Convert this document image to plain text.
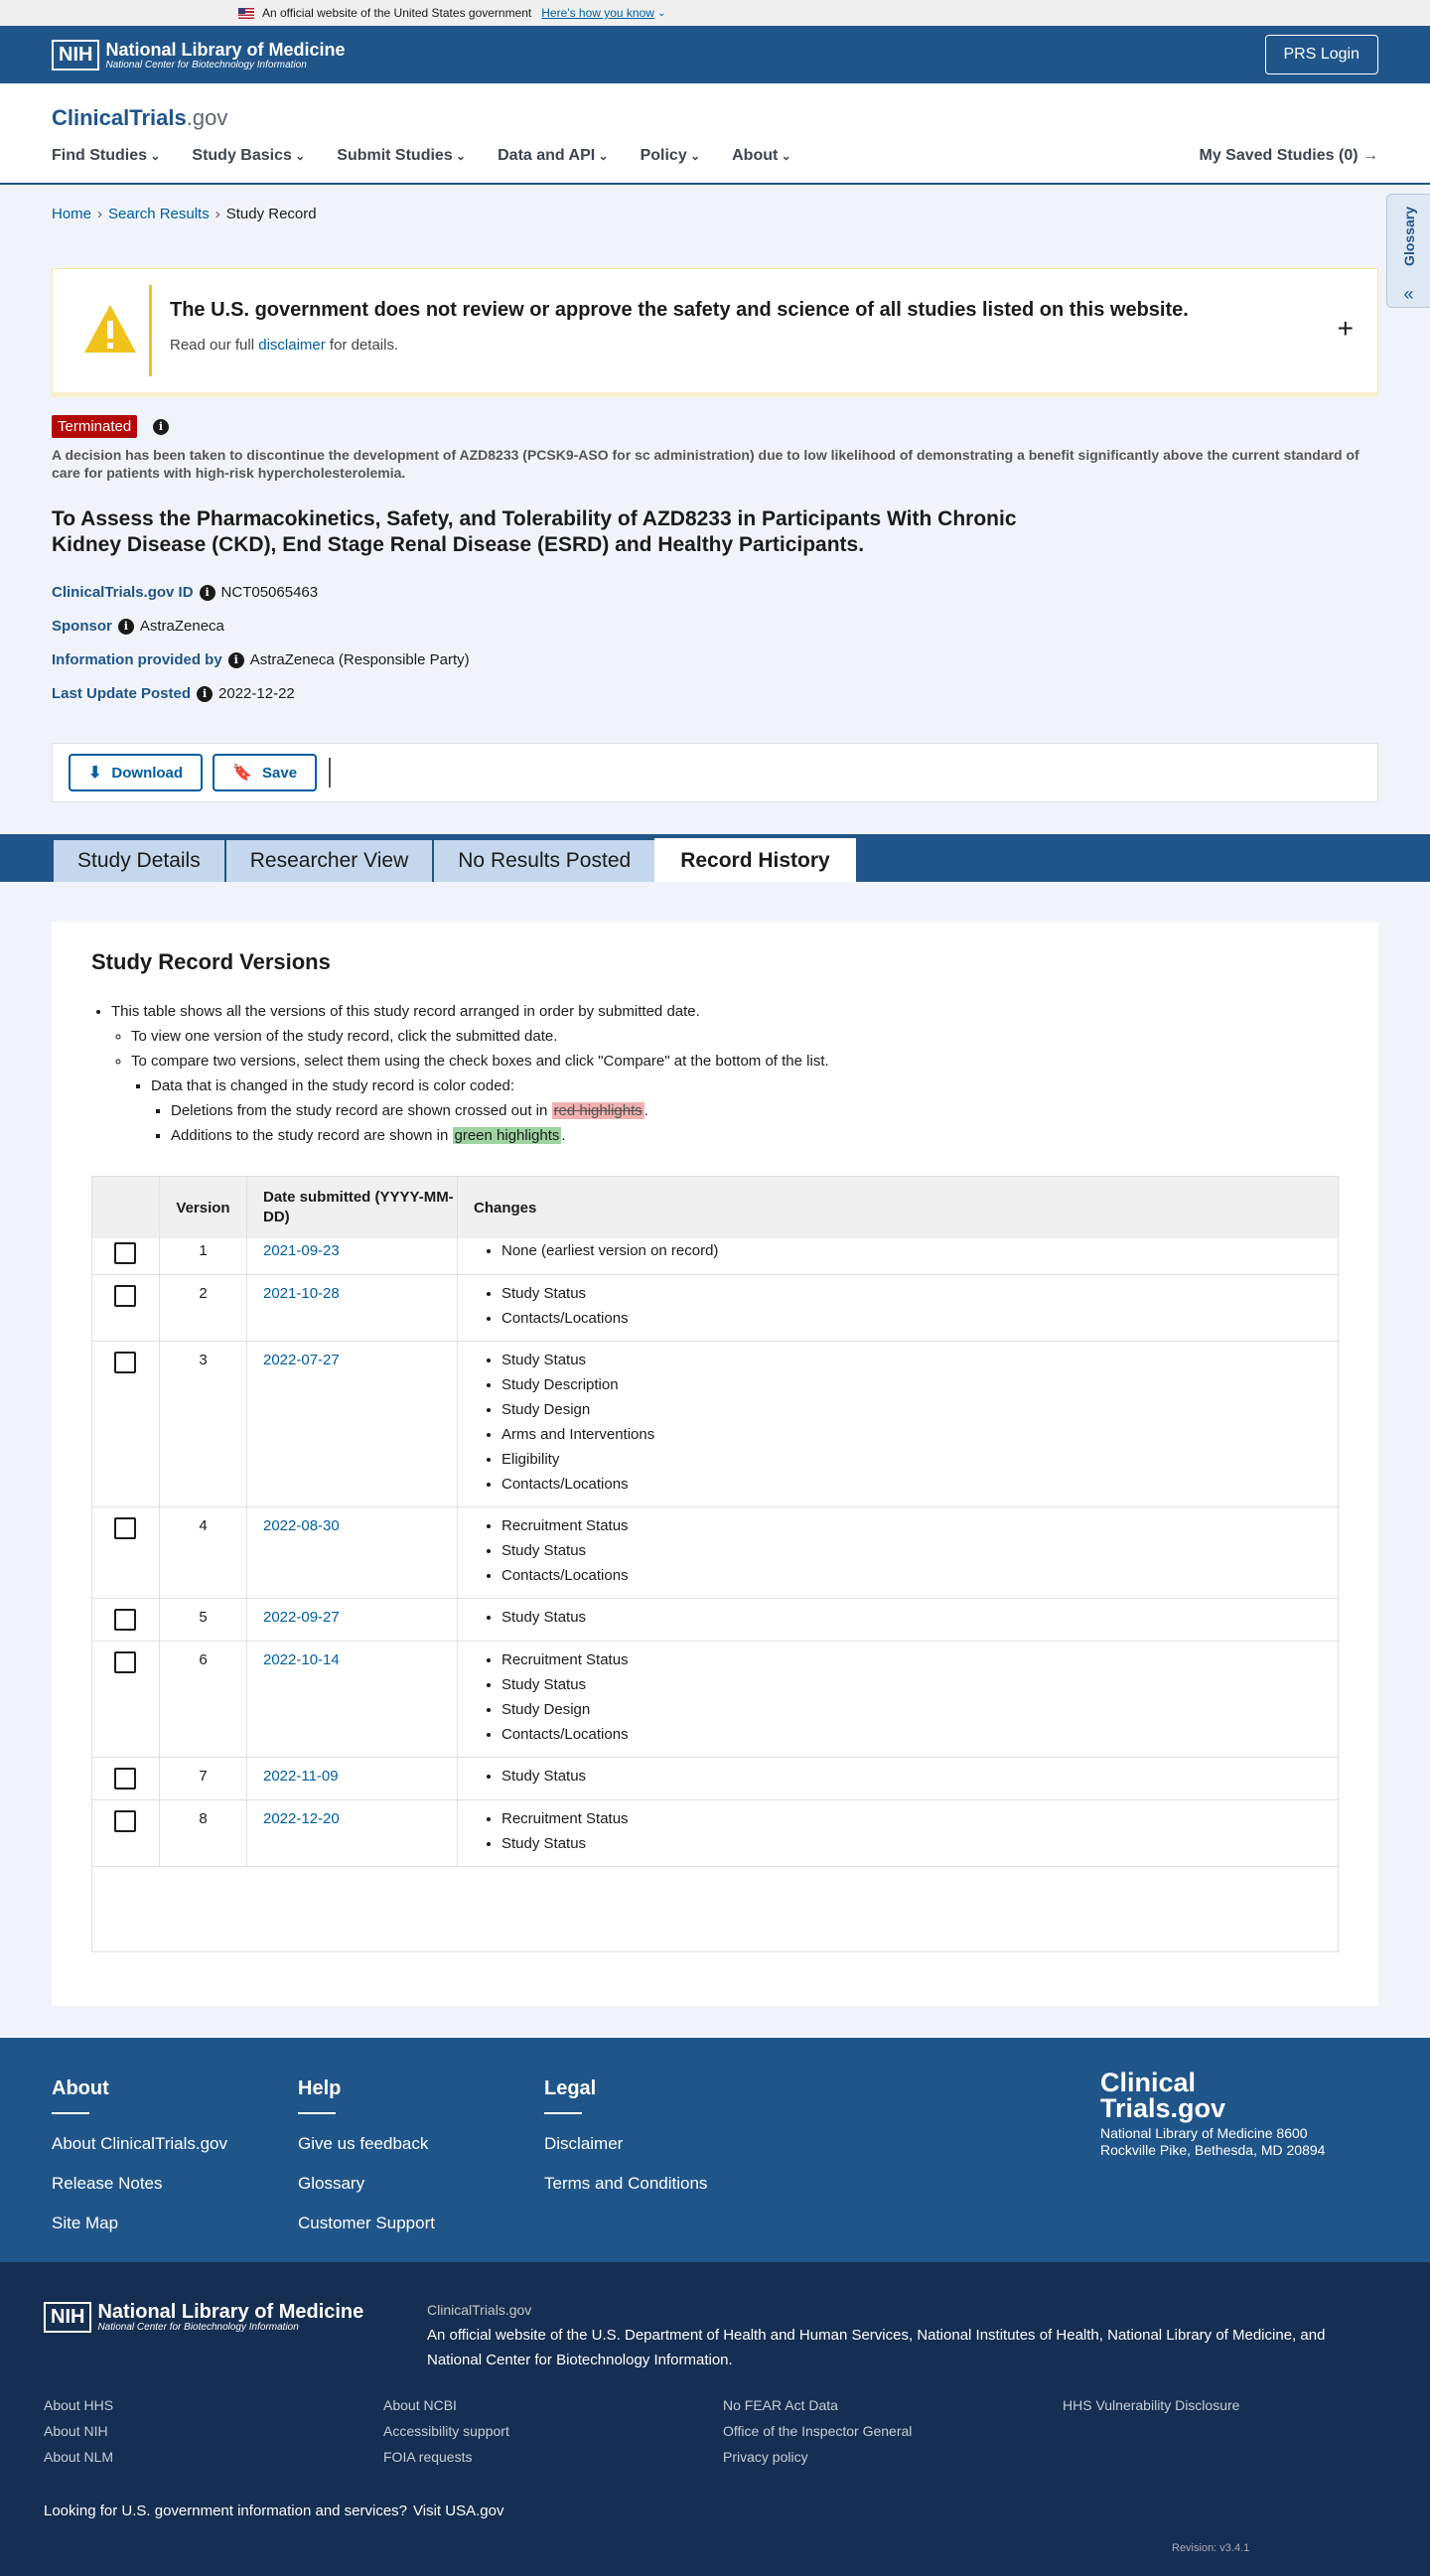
An official website of the United States government Here's how you know ⌄
NIH National Library of Medicine
National Center for Biotechnology Information
PRS Login
ClinicalTrials.gov
Find Studies ⌄	Study Basics ⌄	Submit Studies ⌄	Data and API ⌄	Policy ⌄	About ⌄	My Saved Studies (0) →
Glossary
«
Home › Search Results › Study Record
The U.S. government does not review or approve the safety and science of all studies listed on this website.
Read our full disclaimer for details.
+
Terminated	i
A decision has been taken to discontinue the development of AZD8233 (PCSK9-ASO for sc administration) due to low likelihood of demonstrating a benefit significantly above the current standard of care for patients with high-risk hypercholesterolemia.
To Assess the Pharmacokinetics, Safety, and Tolerability of AZD8233 in Participants With Chronic Kidney Disease (CKD), End Stage Renal Disease (ESRD) and Healthy Participants.
ClinicalTrials.gov ID i NCT05065463
Sponsor i AstraZeneca
Information provided by i AstraZeneca (Responsible Party)
Last Update Posted i 2022-12-22
⬇ Download	🔖 Save
Study Details	Researcher View	No Results Posted	Record History
Study Record Versions
• This table shows all the versions of this study record arranged in order by submitted date.
◦ To view one version of the study record, click the submitted date.
◦ To compare two versions, select them using the check boxes and click "Compare" at the bottom of the list.
▪ Data that is changed in the study record is color coded:
▪ Deletions from the study record are shown crossed out in red highlights .
▪ Additions to the study record are shown in green highlights .
Version
Date submitted (YYYY-MM-DD)
Changes
1	2021-09-23	• None (earliest version on record)
2	2021-10-28	• Study Status
• Contacts/Locations
3	2022-07-27	• Study Status
• Study Description
• Study Design
• Arms and Interventions
• Eligibility
• Contacts/Locations
4	2022-08-30	• Recruitment Status
• Study Status
• Contacts/Locations
5	2022-09-27	• Study Status
6	2022-10-14	• Recruitment Status
• Study Status
• Study Design
• Contacts/Locations
7	2022-11-09	• Study Status
8	2022-12-20	• Recruitment Status
• Study Status
About
About ClinicalTrials.gov
Release Notes
Site Map
Help
Give us feedback
Glossary
Customer Support
Legal
Disclaimer
Terms and Conditions
Clinical
Trials.gov
National Library of Medicine 8600 Rockville Pike, Bethesda, MD 20894
NIH National Library of Medicine
National Center for Biotechnology Information
ClinicalTrials.gov
An official website of the U.S. Department of Health and Human Services, National Institutes of Health, National Library of Medicine, and National Center for Biotechnology Information.
About HHS
About NIH
About NLM
About NCBI
Accessibility support
FOIA requests
No FEAR Act Data
Office of the Inspector General
Privacy policy
HHS Vulnerability Disclosure
Looking for U.S. government information and services? Visit USA.gov
Revision: v3.4.1
